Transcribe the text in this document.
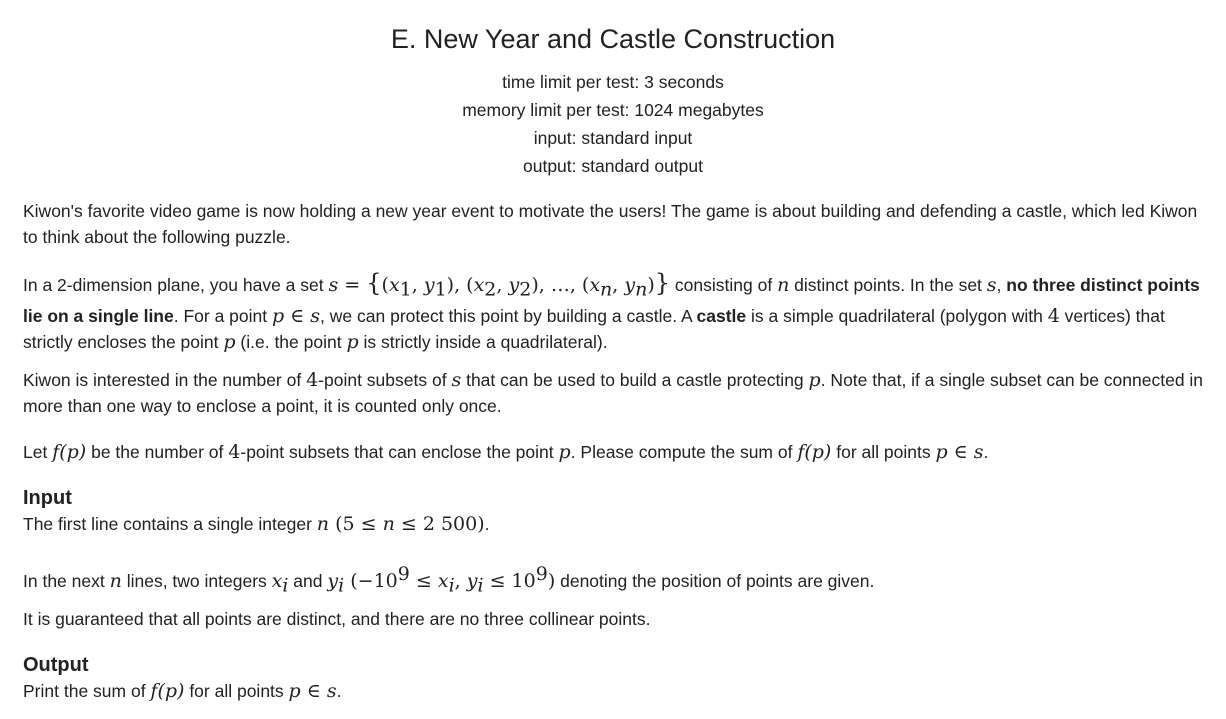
E. New Year and Castle Construction
time limit per test: 3 seconds
memory limit per test: 1024 megabytes
input: standard input
output: standard output
Kiwon's favorite video game is now holding a new year event to motivate the users! The game is about building and defending a castle, which led Kiwon to think about the following puzzle.
In a 2-dimension plane, you have a set $s = \{(x_1$, $y_1$), ($x_2$, $y_2$), …, ($x_n$, $y_n$)} consisting of n distinct points. In the set s, no three distinct points lie on a single line. For a point p ∈ s, we can protect this point by building a castle. A castle is a simple quadrilateral (polygon with 4 vertices) that strictly encloses the point p (i.e. the point p is strictly inside a quadrilateral).
Kiwon is interested in the number of 4-point subsets of s that can be used to build a castle protecting p. Note that, if a single subset can be connected in more than one way to enclose a point, it is counted only once.
Let f(p) be the number of 4-point subsets that can enclose the point p. Please compute the sum of f(p) for all points p ∈ s.
Input
The first line contains a single integer n (5 ≤ n ≤ 2 500).
In the next n lines, two integers $x_i$ and $y_i$ ($-10^9 \le x_i$, $y_i \le 10^9$) denoting the position of points are given.
It is guaranteed that all points are distinct, and there are no three collinear points.
Output
Print the sum of f(p) for all points p ∈ s.
